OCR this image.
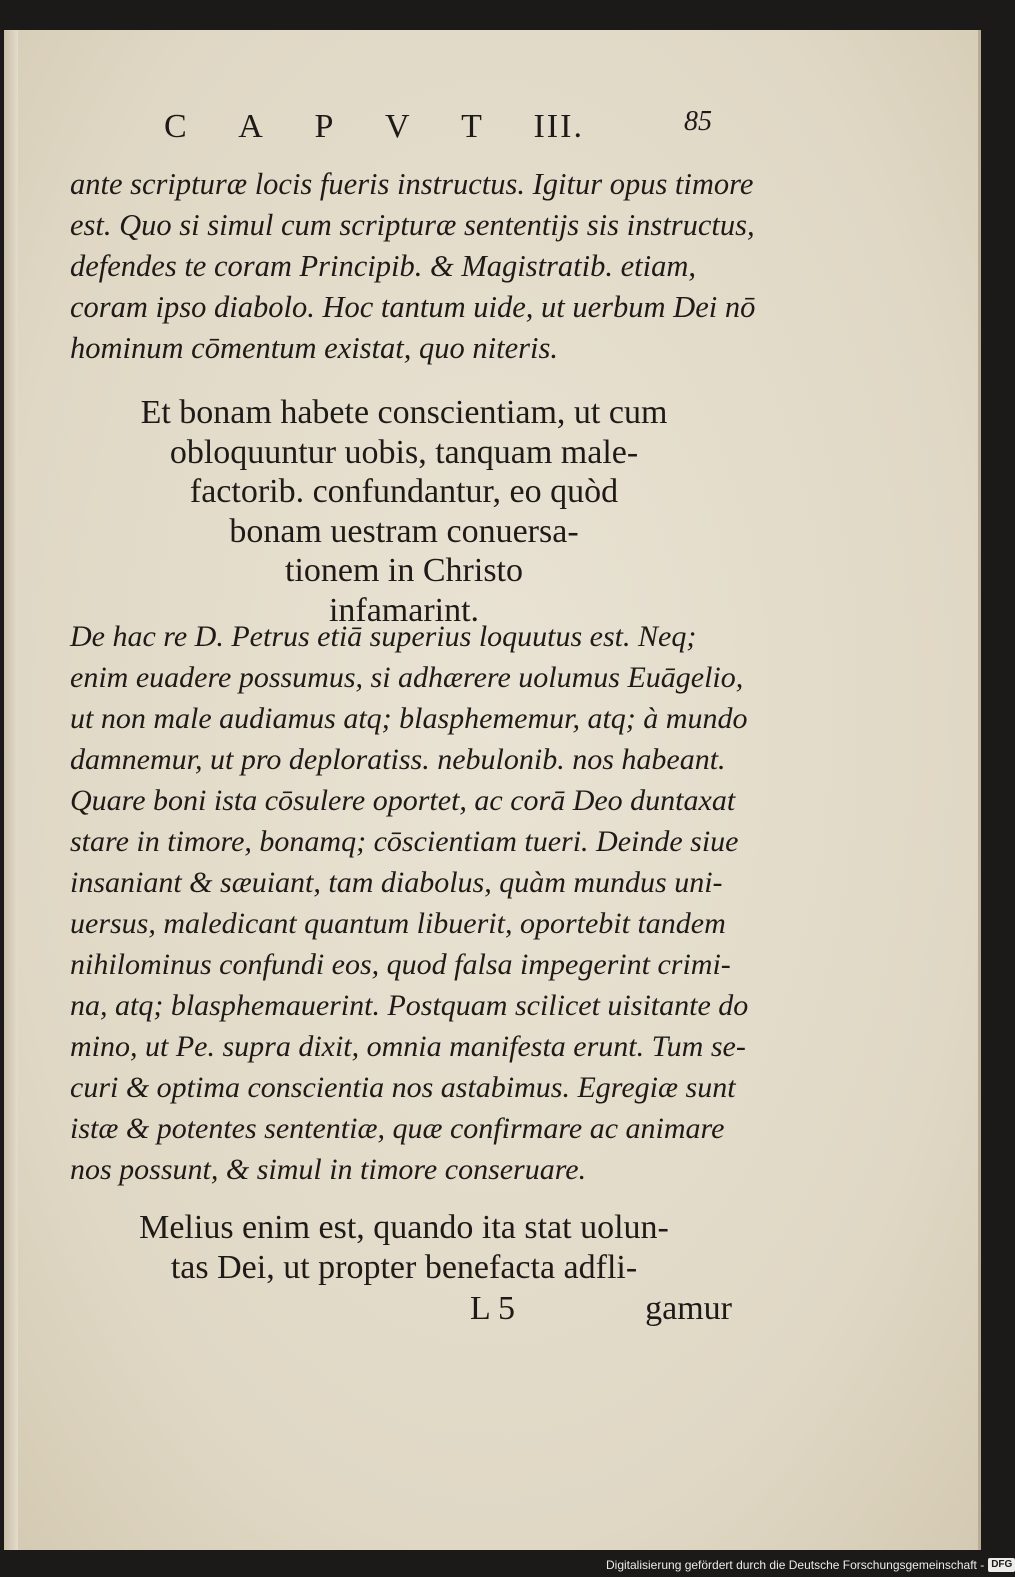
C A P V T III.	85
ante scripturæ locis fueris instructus. Igitur opus timore
est. Quo si simul cum scripturæ sententijs sis instructus,
defendes te coram Principib. & Magistratib. etiam,
coram ipso diabolo. Hoc tantum uide, ut uerbum Dei nō
hominum cōmentum existat, quo niteris.
Et bonam habete conscientiam, ut cum
obloquuntur uobis, tanquam male-
factorib. confundantur, eo quòd
bonam uestram conuersa-
tionem in Christo
infamarint.
De hac re D. Petrus etiā superius loquutus est. Neq;
enim euadere possumus, si adhærere uolumus Euāgelio,
ut non male audiamus atq; blasphememur, atq; à mundo
damnemur, ut pro deploratiss. nebulonib. nos habeant.
Quare boni ista cōsulere oportet, ac corā Deo duntaxat
stare in timore, bonamq; cōscientiam tueri. Deinde siue
insaniant & sæuiant, tam diabolus, quàm mundus uni-
uersus, maledicant quantum libuerit, oportebit tandem
nihilominus confundi eos, quod falsa impegerint crimi-
na, atq; blasphemauerint. Postquam scilicet uisitante do
mino, ut Pe. supra dixit, omnia manifesta erunt. Tum se-
curi & optima conscientia nos astabimus. Egregiæ sunt
istæ & potentes sententiæ, quæ confirmare ac animare
nos possunt, & simul in timore conseruare.
Melius enim est, quando ita stat uolun-
tas Dei, ut propter benefacta adfli-
L 5	gamur
Digitalisierung gefördert durch die Deutsche Forschungsgemeinschaft - DFG
